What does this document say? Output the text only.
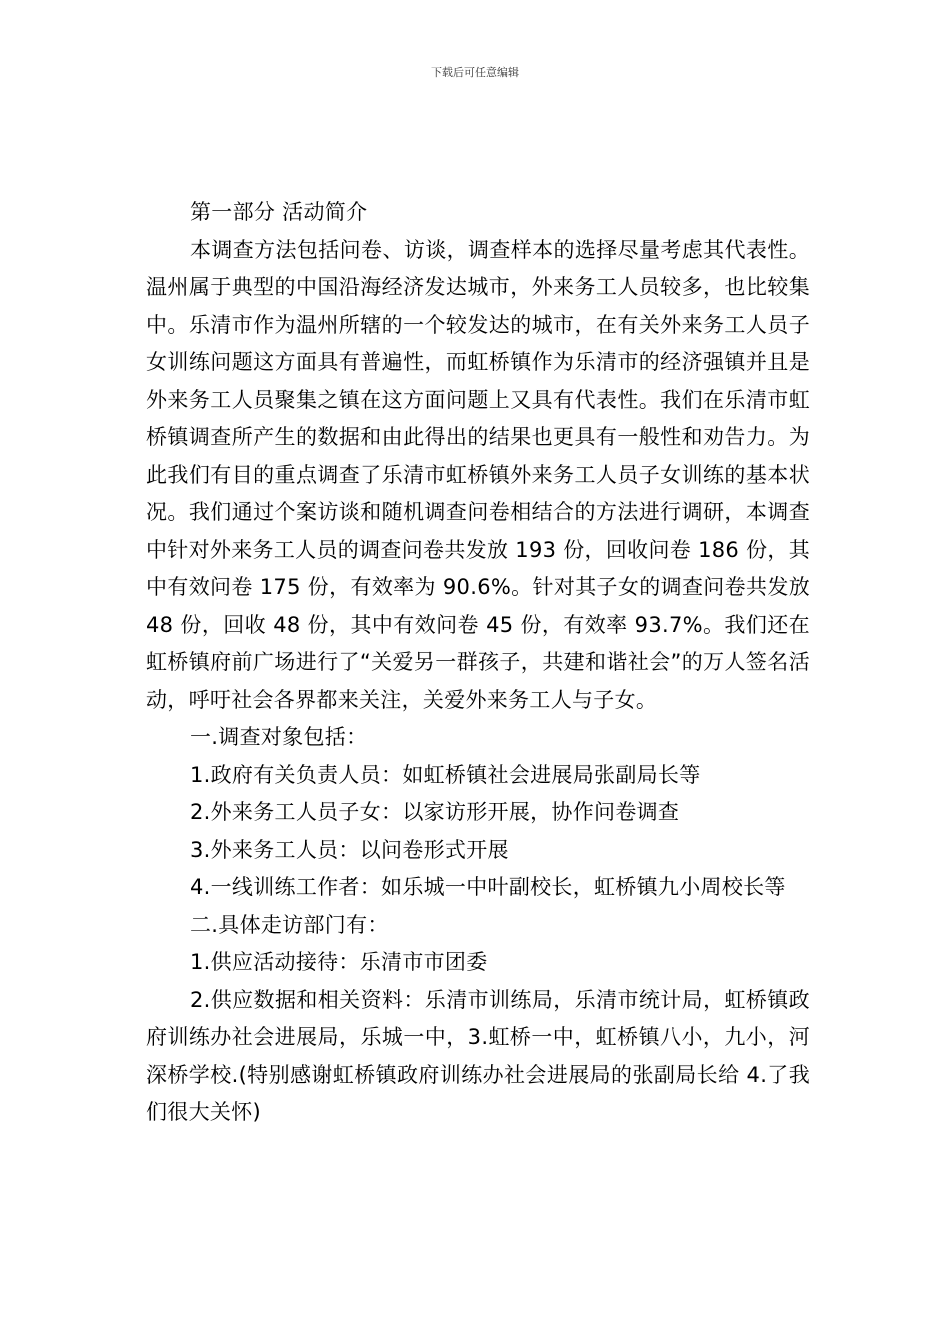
下载后可任意编辑

第一部分 活动简介

本调查方法包括问卷、访谈，调查样本的选择尽量考虑其代表性。温州属于典型的中国沿海经济发达城市，外来务工人员较多，也比较集中。乐清市作为温州所辖的一个较发达的城市，在有关外来务工人员子女训练问题这方面具有普遍性，而虹桥镇作为乐清市的经济强镇并且是外来务工人员聚集之镇在这方面问题上又具有代表性。我们在乐清市虹桥镇调查所产生的数据和由此得出的结果也更具有一般性和劝告力。为此我们有目的重点调查了乐清市虹桥镇外来务工人员子女训练的基本状况。我们通过个案访谈和随机调查问卷相结合的方法进行调研，本调查中针对外来务工人员的调查问卷共发放 193 份，回收问卷 186 份，其中有效问卷 175 份，有效率为 90.6%。针对其子女的调查问卷共发放 48 份，回收 48 份，其中有效问卷 45 份，有效率 93.7%。我们还在虹桥镇府前广场进行了“关爱另一群孩子，共建和谐社会”的万人签名活动，呼吁社会各界都来关注，关爱外来务工人与子女。

一.调查对象包括：

1.政府有关负责人员：如虹桥镇社会进展局张副局长等

2.外来务工人员子女：以家访形开展，协作问卷调查

3.外来务工人员：以问卷形式开展

4.一线训练工作者：如乐城一中叶副校长，虹桥镇九小周校长等

二.具体走访部门有：

1.供应活动接待：乐清市市团委

2.供应数据和相关资料：乐清市训练局，乐清市统计局，虹桥镇政府训练办社会进展局，乐城一中，3.虹桥一中，虹桥镇八小，九小，河深桥学校.(特别感谢虹桥镇政府训练办社会进展局的张副局长给 4.了我们很大关怀)
